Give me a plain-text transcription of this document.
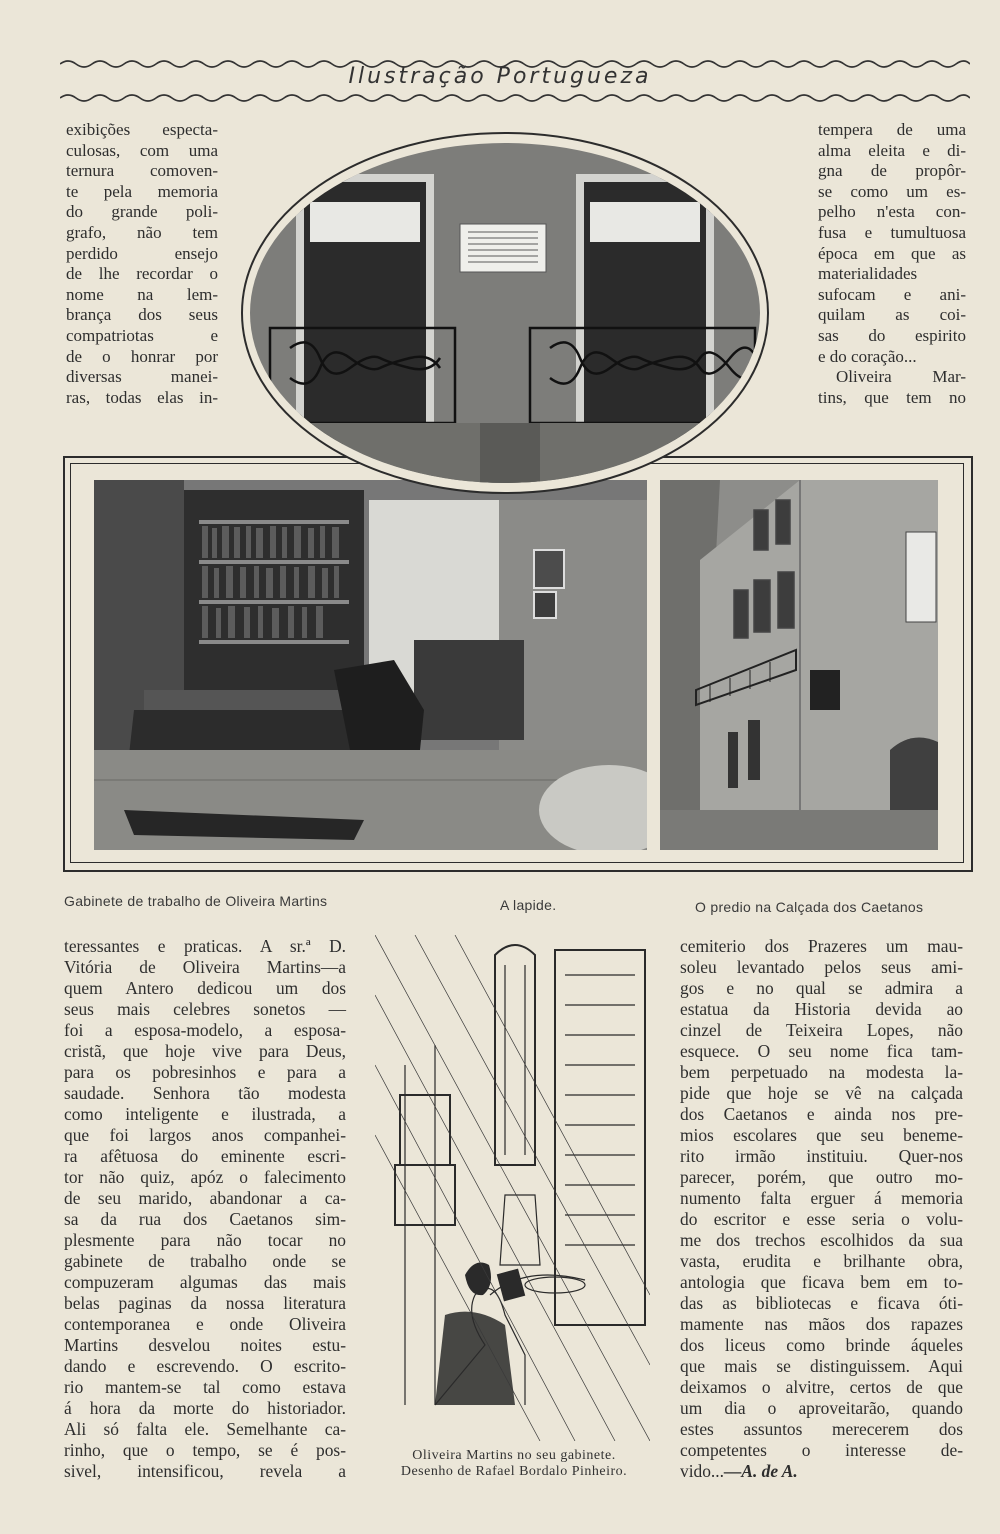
Ilustração Portugueza
exibições espectа-
culosas, com uma
ternura comoven-
te pela memoria
do grande poli-
grafo, não tem
perdido ensejo
de lhe recordar o
nome na lem-
brança dos seus
compatriotas e
de o honrar por
diversas manei-
ras, todas elas in-
tempera de uma
alma eleita e di-
gna de propôr-
se como um es-
pelho n'esta con-
fusa e tumultuosa
época em que as
materialidades
sufocam e ani-
quilam as coi-
sas do espirito
e do coração...
Oliveira Mar-
tins, que tem no
Gabinete de trabalho de Oliveira Martins	A lapide.	O predio na Calçada dos Caetanos
teressantes e praticas. A sr.ª D.
Vitória de Oliveira Martins—a
quem Antero dedicou um dos
seus mais celebres sonetos —
foi a esposa-modelo, a esposa-
cristã, que hoje vive para Deus,
para os pobresinhos e para a
saudade. Senhora tão modesta
como inteligente e ilustrada, a
que foi largos anos companhei-
ra afêtuosa do eminente escri-
tor não quiz, apóz o falecimento
de seu marido, abandonar a ca-
sa da rua dos Caetanos sim-
plesmente para não tocar no
gabinete de trabalho onde se
compuzeram algumas das mais
belas paginas da nossa literatura
contemporanea e onde Oliveira
Martins desvelou noites estu-
dando e escrevendo. O escrito-
rio mantem-se tal como estava
á hora da morte do historiador.
Ali só falta ele. Semelhante ca-
rinho, que o tempo, se é pos-
sivel, intensificou, revela a
Oliveira Martins no seu gabinete.
Desenho de Rafael Bordalo Pinheiro.
cemiterio dos Prazeres um mau-
soleu levantado pelos seus ami-
gos e no qual se admira a
estatua da Historia devida ao
cinzel de Teixeira Lopes, não
esquece. O seu nome fica tam-
bem perpetuado na modesta la-
pide que hoje se vê na calçada
dos Caetanos e ainda nos pre-
mios escolares que seu beneme-
rito irmão instituiu. Quer-nos
parecer, porém, que outro mo-
numento falta erguer á memoria
do escritor e esse seria o volu-
me dos trechos escolhidos da sua
vasta, erudita e brilhante obra,
antologia que ficava bem em to-
das as bibliotecas e ficava óti-
mamente nas mãos dos rapazes
dos liceus como brinde áqueles
que mais se distinguissem. Aqui
deixamos o alvitre, certos de que
um dia o aproveitarão, quando
estes assuntos merecerem dos
competentes o interesse de-
vido...—A. de A.
